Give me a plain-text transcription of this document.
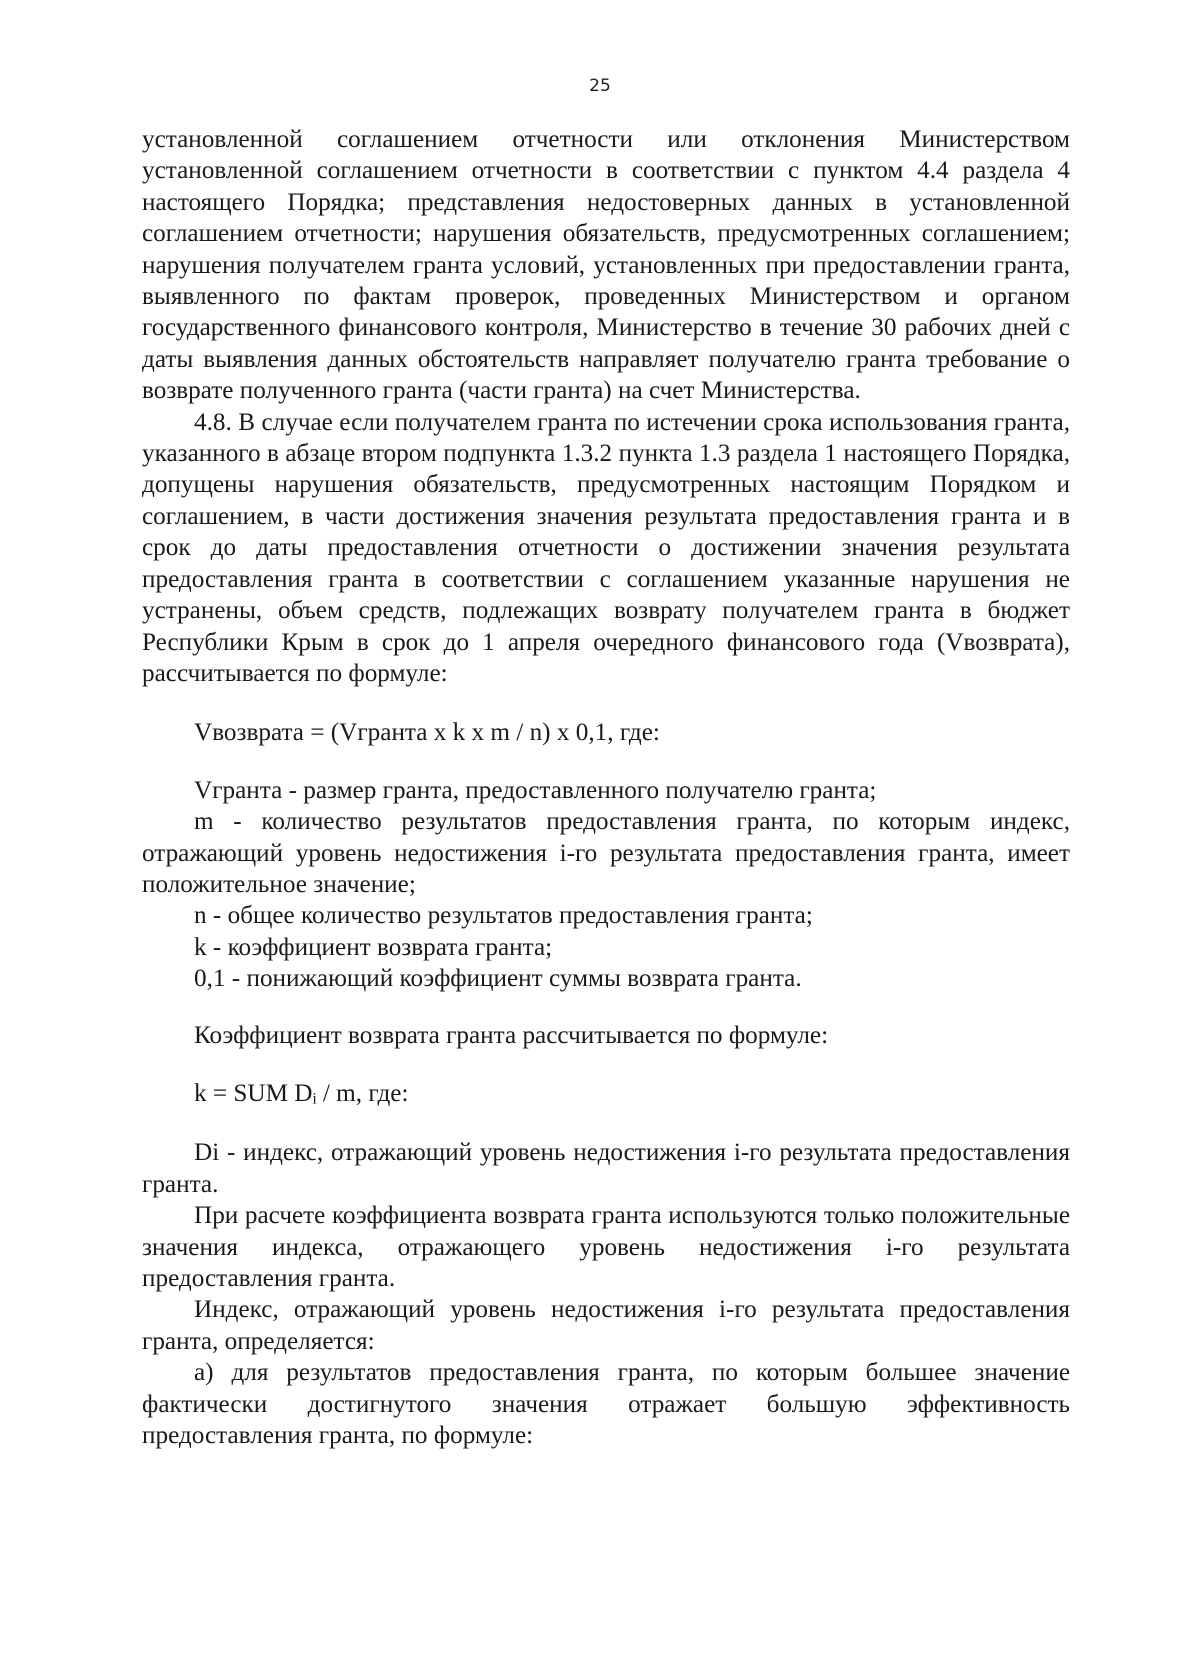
25

установленной соглашением отчетности или отклонения Министерством установленной соглашением отчетности в соответствии с пунктом 4.4 раздела 4 настоящего Порядка; представления недостоверных данных в установленной соглашением отчетности; нарушения обязательств, предусмотренных соглашением; нарушения получателем гранта условий, установленных при предоставлении гранта, выявленного по фактам проверок, проведенных Министерством и органом государственного финансового контроля, Министерство в течение 30 рабочих дней с даты выявления данных обстоятельств направляет получателю гранта требование о возврате полученного гранта (части гранта) на счет Министерства.

4.8. В случае если получателем гранта по истечении срока использования гранта, указанного в абзаце втором подпункта 1.3.2 пункта 1.3 раздела 1 настоящего Порядка, допущены нарушения обязательств, предусмотренных настоящим Порядком и соглашением, в части достижения значения результата предоставления гранта и в срок до даты предоставления отчетности о достижении значения результата предоставления гранта в соответствии с соглашением указанные нарушения не устранены, объем средств, подлежащих возврату получателем гранта в бюджет Республики Крым в срок до 1 апреля очередного финансового года (Vвозврата), рассчитывается по формуле:

Vвозврата = (Vгранта x k x m / n) x 0,1, где:

Vгранта - размер гранта, предоставленного получателю гранта;

m - количество результатов предоставления гранта, по которым индекс, отражающий уровень недостижения i-го результата предоставления гранта, имеет положительное значение;

n - общее количество результатов предоставления гранта;

k - коэффициент возврата гранта;

0,1 - понижающий коэффициент суммы возврата гранта.

Коэффициент возврата гранта рассчитывается по формуле:

k = SUM Dᵢ / m, где:

Di - индекс, отражающий уровень недостижения i-го результата предоставления гранта.

При расчете коэффициента возврата гранта используются только положительные значения индекса, отражающего уровень недостижения i-го результата предоставления гранта.

Индекс, отражающий уровень недостижения i-го результата предоставления гранта, определяется:

а) для результатов предоставления гранта, по которым большее значение фактически достигнутого значения отражает большую эффективность предоставления гранта, по формуле:
